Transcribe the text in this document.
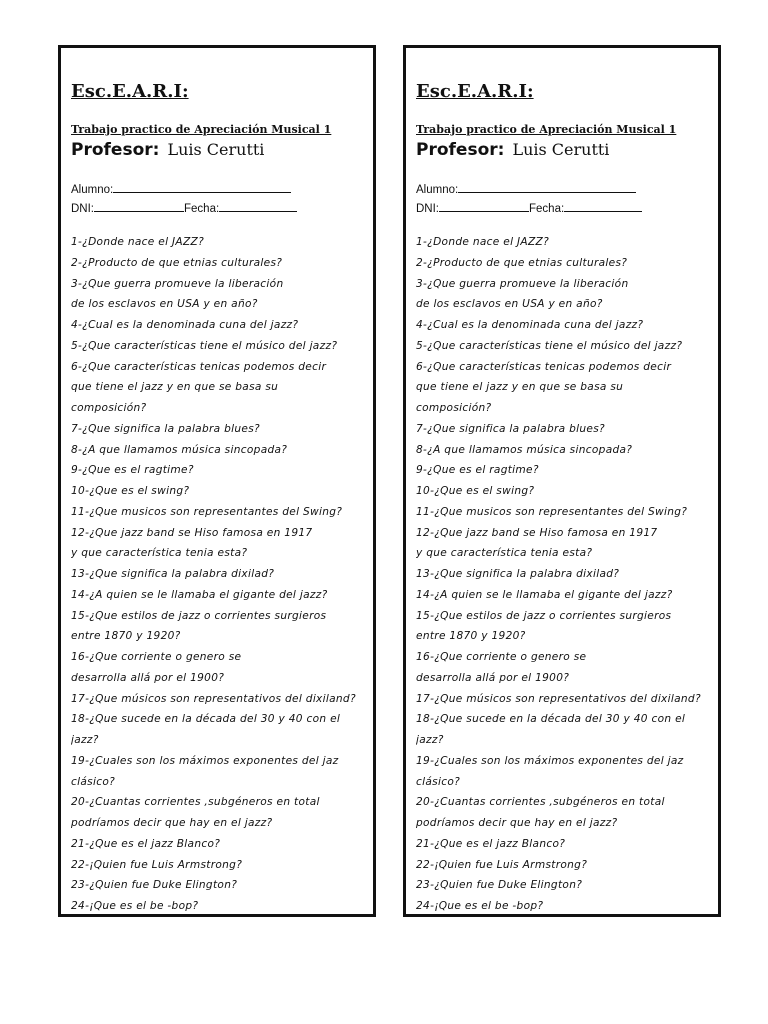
Esc.E.A.R.I:
Trabajo practico de Apreciación Musical 1
Profesor: Luis Cerutti
Alumno:
DNI:	Fecha:
1-¿Donde nace el JAZZ?
2-¿Producto de que etnias culturales?
3-¿Que guerra promueve la liberación
de los esclavos en USA y en año?
4-¿Cual es la denominada cuna del jazz?
5-¿Que características tiene el músico del jazz?
6-¿Que características tenicas podemos decir
que tiene el jazz y en que se basa su
composición?
7-¿Que significa la palabra blues?
8-¿A que llamamos música sincopada?
9-¿Que es el ragtime?
10-¿Que es el swing?
11-¿Que musicos son representantes del Swing?
12-¿Que jazz band se Hiso famosa en 1917
y que característica tenia esta?
13-¿Que significa la palabra dixilad?
14-¿A quien se le llamaba el gigante del jazz?
15-¿Que estilos de jazz o corrientes surgieros
entre 1870 y 1920?
16-¿Que corriente o genero se
desarrolla allá por el 1900?
17-¿Que músicos son representativos del dixiland?
18-¿Que sucede en la década del 30 y 40 con el
jazz?
19-¿Cuales son los máximos exponentes del jaz
clásico?
20-¿Cuantas corrientes ,subgéneros en total
podríamos decir que hay en el jazz?
21-¿Que es el jazz Blanco?
22-¡Quien fue Luis Armstrong?
23-¿Quien fue Duke Elington?
24-¡Que es el be -bop?
Esc.E.A.R.I:
Trabajo practico de Apreciación Musical 1
Profesor: Luis Cerutti
Alumno:
DNI:	Fecha:
1-¿Donde nace el JAZZ?
2-¿Producto de que etnias culturales?
3-¿Que guerra promueve la liberación
de los esclavos en USA y en año?
4-¿Cual es la denominada cuna del jazz?
5-¿Que características tiene el músico del jazz?
6-¿Que características tenicas podemos decir
que tiene el jazz y en que se basa su
composición?
7-¿Que significa la palabra blues?
8-¿A que llamamos música sincopada?
9-¿Que es el ragtime?
10-¿Que es el swing?
11-¿Que musicos son representantes del Swing?
12-¿Que jazz band se Hiso famosa en 1917
y que característica tenia esta?
13-¿Que significa la palabra dixilad?
14-¿A quien se le llamaba el gigante del jazz?
15-¿Que estilos de jazz o corrientes surgieros
entre 1870 y 1920?
16-¿Que corriente o genero se
desarrolla allá por el 1900?
17-¿Que músicos son representativos del dixiland?
18-¿Que sucede en la década del 30 y 40 con el
jazz?
19-¿Cuales son los máximos exponentes del jaz
clásico?
20-¿Cuantas corrientes ,subgéneros en total
podríamos decir que hay en el jazz?
21-¿Que es el jazz Blanco?
22-¡Quien fue Luis Armstrong?
23-¿Quien fue Duke Elington?
24-¡Que es el be -bop?
